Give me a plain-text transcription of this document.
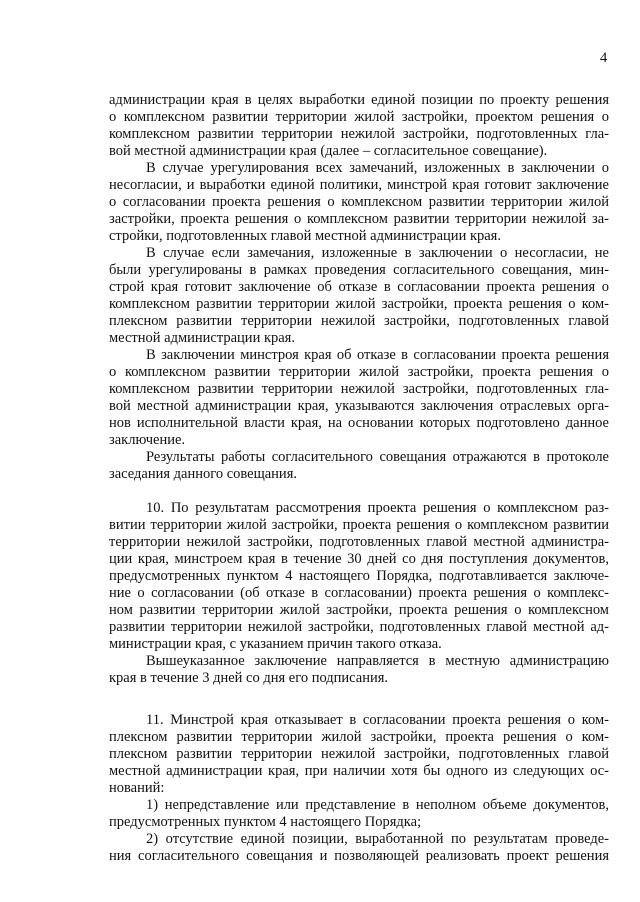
4
администрации края в целях выработки единой позиции по проекту решения
о комплексном развитии территории жилой застройки, проектом решения о
комплексном развитии территории нежилой застройки, подготовленных гла-
вой местной администрации края (далее – согласительное совещание).
В случае урегулирования всех замечаний, изложенных в заключении о
несогласии, и выработки единой политики, минстрой края готовит заключение
о согласовании проекта решения о комплексном развитии территории жилой
застройки, проекта решения о комплексном развитии территории нежилой за-
стройки, подготовленных главой местной администрации края.
В случае если замечания, изложенные в заключении о несогласии, не
были урегулированы в рамках проведения согласительного совещания, мин-
строй края готовит заключение об отказе в согласовании проекта решения о
комплексном развитии территории жилой застройки, проекта решения о ком-
плексном развитии территории нежилой застройки, подготовленных главой
местной администрации края.
В заключении минстроя края об отказе в согласовании проекта решения
о комплексном развитии территории жилой застройки, проекта решения о
комплексном развитии территории нежилой застройки, подготовленных гла-
вой местной администрации края, указываются заключения отраслевых орга-
нов исполнительной власти края, на основании которых подготовлено данное
заключение.
Результаты работы согласительного совещания отражаются в протоколе
заседания данного совещания.
10. По результатам рассмотрения проекта решения о комплексном раз-
витии территории жилой застройки, проекта решения о комплексном развитии
территории нежилой застройки, подготовленных главой местной администра-
ции края, минстроем края в течение 30 дней со дня поступления документов,
предусмотренных пунктом 4 настоящего Порядка, подготавливается заключе-
ние о согласовании (об отказе в согласовании) проекта решения о комплекс-
ном развитии территории жилой застройки, проекта решения о комплексном
развитии территории нежилой застройки, подготовленных главой местной ад-
министрации края, с указанием причин такого отказа.
Вышеуказанное заключение направляется в местную администрацию
края в течение 3 дней со дня его подписания.
11. Минстрой края отказывает в согласовании проекта решения о ком-
плексном развитии территории жилой застройки, проекта решения о ком-
плексном развитии территории нежилой застройки, подготовленных главой
местной администрации края, при наличии хотя бы одного из следующих ос-
нований:
1) непредставление или представление в неполном объеме документов,
предусмотренных пунктом 4 настоящего Порядка;
2) отсутствие единой позиции, выработанной по результатам проведе-
ния согласительного совещания и позволяющей реализовать проект решения
